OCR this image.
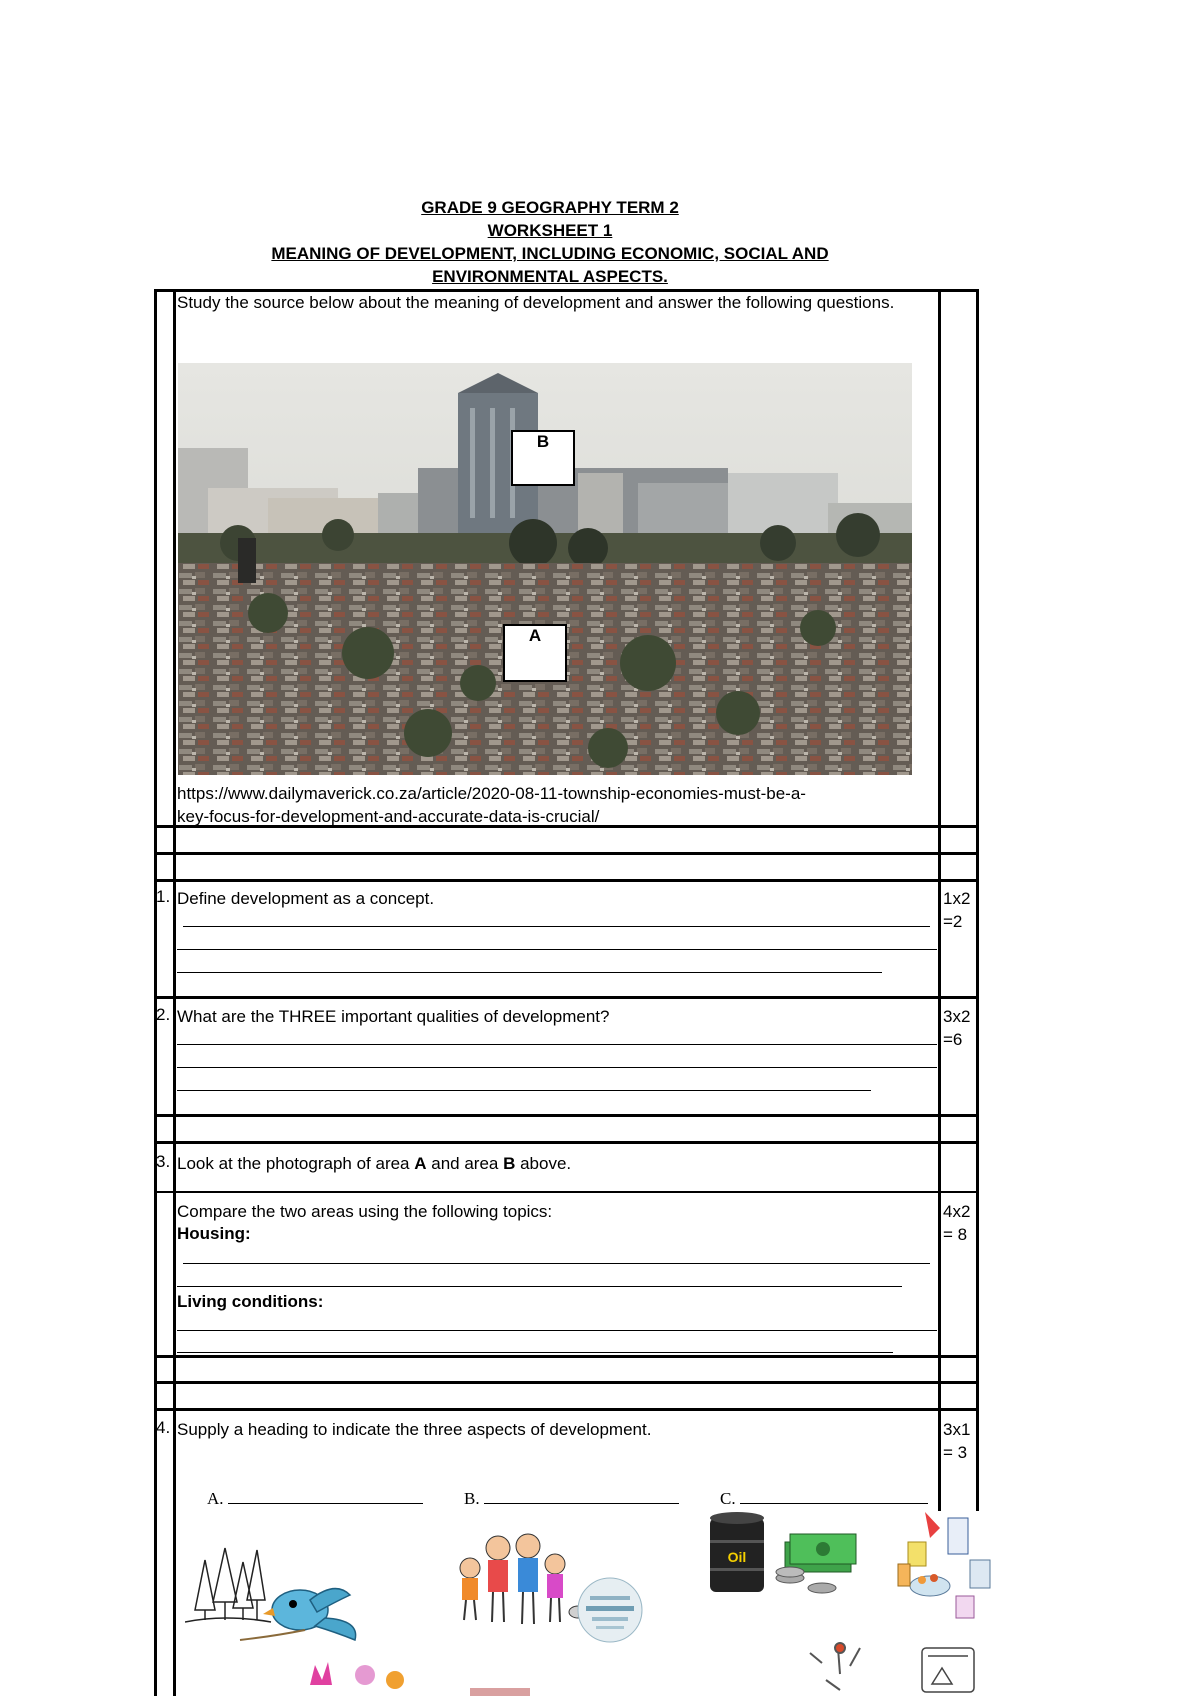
GRADE 9 GEOGRAPHY TERM 2
WORKSHEET 1
MEANING OF DEVELOPMENT, INCLUDING ECONOMIC, SOCIAL AND
ENVIRONMENTAL ASPECTS.
Study the source below about the meaning of development and answer the following questions.
B
A
https://www.dailymaverick.co.za/article/2020-08-11-township-economies-must-be-a-
key-focus-for-development-and-accurate-data-is-crucial/
1. Define development as a concept.	1x2
=2
2. What are the THREE important qualities of development?	3x2
=6
3. Look at the photograph of area A and area B above.
Compare the two areas using the following topics:	4x2
= 8
Housing:
Living conditions:
4. Supply a heading to indicate the three aspects of development.	3x1
= 3
A.	B.	C.
Oil
